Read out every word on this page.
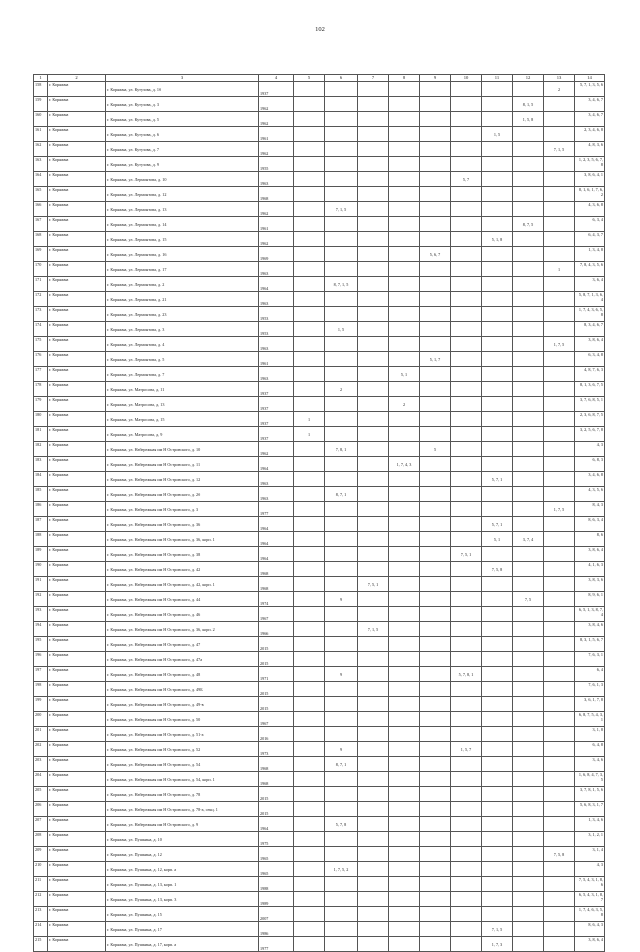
102
1	2	3	4	5	6	7	8	9	10	11	12	13	14
158	г. Коряжма	г. Коряжма, ул. Кутузова, д. 1б	1937									2	5, 7, 1, 3, 5, 6
159	г. Коряжма	г. Коряжма, ул. Кутузова, д. 3	1962								8, 1, 5		3, 4, 6, 7
160	г. Коряжма	г. Коряжма, ул. Кутузова, д. 5	1962								1, 5, 8		3, 4, 6, 7
161	г. Коряжма	г. Коряжма, ул. Кутузова, д. 6	1961							1, 5			2, 3, 4, 6, 8
162	г. Коряжма	г. Коряжма, ул. Кутузова, д. 7	1962									7, 1, 5	4, 8, 3, 6
163	г. Коряжма	г. Коряжма, ул. Кутузова, д. 9	1955										1, 2, 3, 5, 6, 7, 8
164	г. Коряжма	г. Коряжма, ул. Лермонтова, д. 10	1963						5, 7				3, 8, 6, 4, 1
165	г. Коряжма	г. Коряжма, ул. Лермонтова, д. 12	1968										8, 1, 6, 1, 7, 6, 2
166	г. Коряжма	г. Коряжма, ул. Лермонтова, д. 13	1962		7, 1, 5								4, 3, 6, 8
167	г. Коряжма	г. Коряжма, ул. Лермонтова, д. 14	1961								8, 7, 5		6, 3, 4
168	г. Коряжма	г. Коряжма, ул. Лермонтова, д. 15	1962							5, 1, 8			6, 4, 3, 7
169	г. Коряжма	г. Коряжма, ул. Лермонтова, д. 16	1969					5, 6, 7					1, 3, 4, 8
170	г. Коряжма	г. Коряжма, ул. Лермонтова, д. 17	1963									1	7, 8, 4, 3, 5, 6
171	г. Коряжма	г. Коряжма, ул. Лермонтова, д. 2	1964		8, 7, 1, 5								3, 6, 4
172	г. Коряжма	г. Коряжма, ул. Лермонтова, д. 21	1963										5, 8, 7, 1, 3, 6, 4
173	г. Коряжма	г. Коряжма, ул. Лермонтова, д. 23	1953										1, 7, 4, 3, 6, 5, 8
174	г. Коряжма	г. Коряжма, ул. Лермонтова, д. 3	1953		1, 5								8, 3, 4, 6, 7
175	г. Коряжма	г. Коряжма, ул. Лермонтова, д. 4	1963									1, 7, 5	3, 8, 6, 4
176	г. Коряжма	г. Коряжма, ул. Лермонтова, д. 5	1961					5, 1, 7					6, 3, 4, 8
177	г. Коряжма	г. Коряжма, ул. Лермонтова, д. 7	1963				5, 1						4, 8, 7, 6, 3
178	г. Коряжма	г. Коряжма, ул. Матросова, д. 11	1937		2								8, 1, 3, 6, 7, 5
179	г. Коряжма	г. Коряжма, ул. Матросова, д. 13	1937				2						3, 7, 6, 8, 5, 1
180	г. Коряжма	г. Коряжма, ул. Матросова, д. 15	1937	1									2, 3, 6, 8, 7, 5
181	г. Коряжма	г. Коряжма, ул. Матросова, д. 9	1937	1									3, 2, 5, 6, 7, 8
182	г. Коряжма	г. Коряжма, ул. Набережная им Н Островского, д. 10	1962		7, 8, 1			5					4, 3
183	г. Коряжма	г. Коряжма, ул. Набережная им Н Островского, д. 11	1964				1, 7, 4, 3						6, 8, 3
184	г. Коряжма	г. Коряжма, ул. Набережная им Н Островского, д. 12	1963							5, 7, 1			3, 4, 6, 8
185	г. Коряжма	г. Коряжма, ул. Набережная им Н Островского, д. 2б	1963		8, 7, 1								4, 3, 5, 6
186	г. Коряжма	г. Коряжма, ул. Набережная им Н Островского, д. 3	1977									1, 7, 5	8, 4, 3
187	г. Коряжма	г. Коряжма, ул. Набережная им Н Островского, д. 36	1964							5, 7, 1			8, 6, 3, 4
188	г. Коряжма	г. Коряжма, ул. Набережная им Н Островского, д. 36, корп. 1	1964							5, 1	3, 7, 4		8, 6
189	г. Коряжма	г. Коряжма, ул. Набережная им Н Островского, д. 38	1964						7, 5, 1				3, 8, 6, 4
190	г. Коряжма	г. Коряжма, ул. Набережная им Н Островского, д. 42	1968							7, 5, 8			4, 1, 6, 3
191	г. Коряжма	г. Коряжма, ул. Набережная им Н Островского, д. 42, корп. 1	1968			7, 5, 1							3, 8, 3, 6
192	г. Коряжма	г. Коряжма, ул. Набережная им Н Островского, д. 44	1974		9						7, 5		8, 9, 6, 1
193	г. Коряжма	г. Коряжма, ул. Набережная им Н Островского, д. 46	1967										6, 5, 1, 3, 8, 7, 4
194	г. Коряжма	г. Коряжма, ул. Набережная им Н Островского, д. 36, корп. 2	1966			7, 1, 5							3, 8, 4, 6
195	г. Коряжма	г. Коряжма, ул. Набережная им Н Островского, д. 47	2015										8, 3, 1, 5, 6, 7
196	г. Коряжма	г. Коряжма, ул. Набережная им Н Островского, д. 47а	2015										7, 6, 3, 1
197	г. Коряжма	г. Коряжма, ул. Набережная им Н Островского, д. 48	1971		9				5, 7, 8, 1				6, 4
198	г. Коряжма	г. Коряжма, ул. Набережная им Н Островского, д. 49Б	2015										7, 6, 1, 3
199	г. Коряжма	г. Коряжма, ул. Набережная им Н Островского, д. 49-в	2015										3, 6, 1, 7, 8
200	г. Коряжма	г. Коряжма, ул. Набережная им Н Островского, д. 50	1967										6, 8, 7, 5, 4, 3, 1
201	г. Коряжма	г. Коряжма, ул. Набережная им Н Островского, д. 51-а	2016										3, 1, 8
202	г. Коряжма	г. Коряжма, ул. Набережная им Н Островского, д. 52	1973		9				1, 5, 7				6, 4, 8
203	г. Коряжма	г. Коряжма, ул. Набережная им Н Островского, д. 54	1968		8, 7, 1								3, 4, 6
204	г. Коряжма	г. Коряжма, ул. Набережная им Н Островского, д. 54, корп. 1	1968										1, 6, 8, 4, 7, 3, 5
205	г. Коряжма	г. Коряжма, ул. Набережная им Н Островского, д. 78	2015										3, 7, 8, 1, 5, 6
206	г. Коряжма	г. Коряжма, ул. Набережная им Н Островского, д. 78-а, секц. 1	2015										5, 6, 8, 3, 1, 7
207	г. Коряжма	г. Коряжма, ул. Набережная им Н Островского, д. 9	1964		5, 7, 8								1, 3, 4, 6
208	г. Коряжма	г. Коряжма, ул. Пушкина, д. 10	1975										3, 1, 2, 1
209	г. Коряжма	г. Коряжма, ул. Пушкина, д. 12	1965									7, 5, 8	3, 1, 4
210	г. Коряжма	г. Коряжма, ул. Пушкина, д. 12, корп. а	1965		1, 7, 5, 2								4, 3
211	г. Коряжма	г. Коряжма, ул. Пушкина, д. 13, корп. 1	1988										7, 5, 4, 3, 1, 8, 6
212	г. Коряжма	г. Коряжма, ул. Пушкина, д. 13, корп. 3	1989										6, 5, 4, 3, 1, 8, 7
213	г. Коряжма	г. Коряжма, ул. Пушкина, д. 15	2007										1, 7, 4, 6, 3, 5, 8
214	г. Коряжма	г. Коряжма, ул. Пушкина, д. 17	1986							7, 1, 5			8, 6, 4, 3
215	г. Коряжма	г. Коряжма, ул. Пушкина, д. 17, корп. а	1977							1, 7, 3			3, 8, 6, 4
